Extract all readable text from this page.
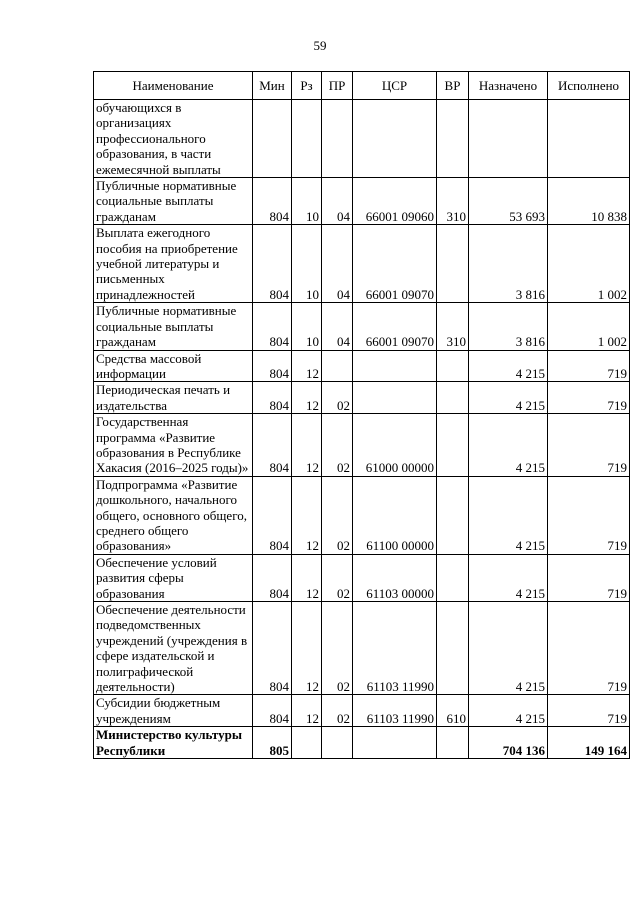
59
Наименование	Мин	Рз	ПР	ЦСР	ВР	Назначено	Исполнено
обучающихся в организациях профессионального образования, в части ежемесячной выплаты							
Публичные нормативные социальные выплаты гражданам	804	10	04	66001 09060	310	53 693	10 838
Выплата ежегодного пособия на приобретение учебной литературы и письменных принадлежностей	804	10	04	66001 09070		3 816	1 002
Публичные нормативные социальные выплаты гражданам	804	10	04	66001 09070	310	3 816	1 002
Средства массовой информации	804	12				4 215	719
Периодическая печать и издательства	804	12	02			4 215	719
Государственная программа «Развитие образования в Республике Хакасия (2016–2025 годы)»	804	12	02	61000 00000		4 215	719
Подпрограмма «Развитие дошкольного, начального общего, основного общего, среднего общего образования»	804	12	02	61100 00000		4 215	719
Обеспечение условий развития сферы образования	804	12	02	61103 00000		4 215	719
Обеспечение деятельности подведомственных учреждений (учреждения в сфере издательской и полиграфической деятельности)	804	12	02	61103 11990		4 215	719
Субсидии бюджетным учреждениям	804	12	02	61103 11990	610	4 215	719
Министерство культуры Республики	805					704 136	149 164
